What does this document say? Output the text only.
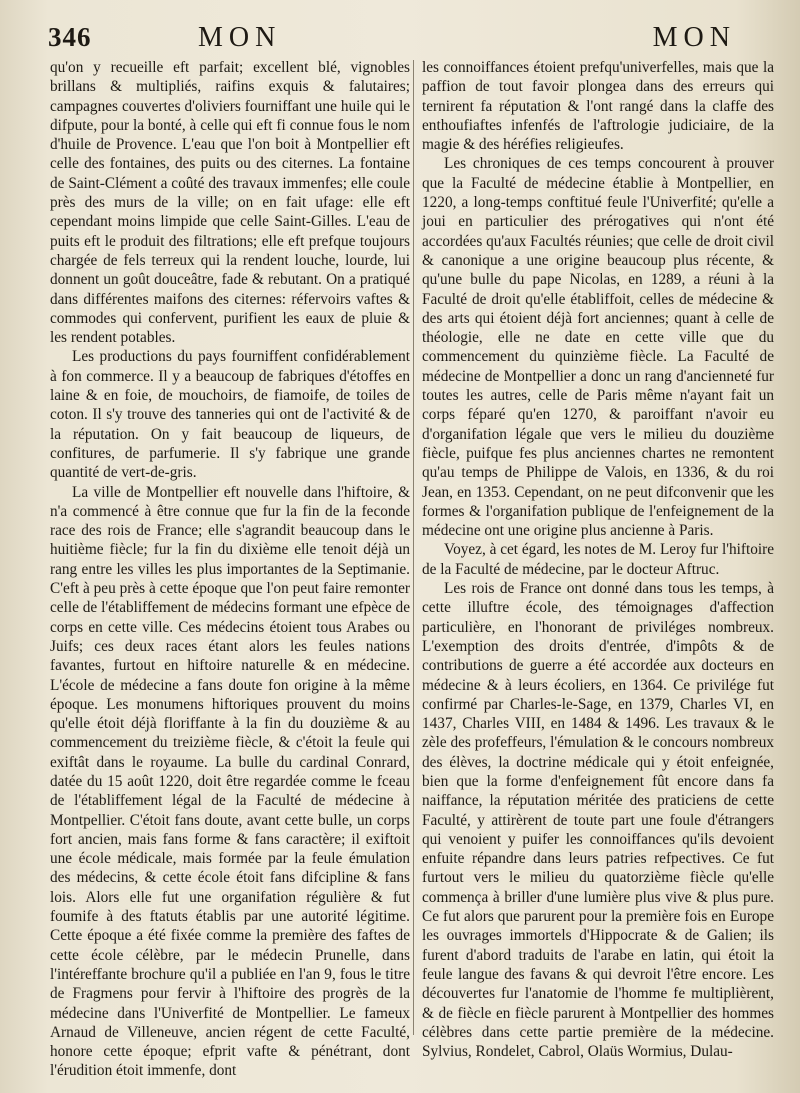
346	MON	MON

qu'on y recueille eft parfait; excellent blé, vignobles brillans & multipliés, raifins exquis & falutaires; campagnes couvertes d'oliviers fourniffant une huile qui le difpute, pour la bonté, à celle qui eft fi connue fous le nom d'huile de Provence. L'eau que l'on boit à Montpellier eft celle des fontaines, des puits ou des citernes. La fontaine de Saint-Clément a coûté des travaux immenfes; elle coule près des murs de la ville; on en fait ufage: elle eft cependant moins limpide que celle Saint-Gilles. L'eau de puits eft le produit des filtrations; elle eft prefque toujours chargée de fels terreux qui la rendent louche, lourde, lui donnent un goût douceâtre, fade & rebutant. On a pratiqué dans différentes maifons des citernes: réfervoirs vaftes & commodes qui confervent, purifient les eaux de pluie & les rendent potables.

Les productions du pays fourniffent confidérablement à fon commerce. Il y a beaucoup de fabriques d'étoffes en laine & en foie, de mouchoirs, de fiamoife, de toiles de coton. Il s'y trouve des tanneries qui ont de l'activité & de la réputation. On y fait beaucoup de liqueurs, de confitures, de parfumerie. Il s'y fabrique une grande quantité de vert-de-gris.

La ville de Montpellier eft nouvelle dans l'hiftoire, & n'a commencé à être connue que fur la fin de la feconde race des rois de France; elle s'agrandit beaucoup dans le huitième fiècle; fur la fin du dixième elle tenoit déjà un rang entre les villes les plus importantes de la Septimanie. C'eft à peu près à cette époque que l'on peut faire remonter celle de l'établiffement de médecins formant une efpèce de corps en cette ville. Ces médecins étoient tous Arabes ou Juifs; ces deux races étant alors les feules nations favantes, furtout en hiftoire naturelle & en médecine. L'école de médecine a fans doute fon origine à la même époque. Les monumens hiftoriques prouvent du moins qu'elle étoit déjà floriffante à la fin du douzième & au commencement du treizième fiècle, & c'étoit la feule qui exiftât dans le royaume. La bulle du cardinal Conrard, datée du 15 août 1220, doit être regardée comme le fceau de l'établiffement légal de la Faculté de médecine à Montpellier. C'étoit fans doute, avant cette bulle, un corps fort ancien, mais fans forme & fans caractère; il exiftoit une école médicale, mais formée par la feule émulation des médecins, & cette école étoit fans difcipline & fans lois. Alors elle fut une organifation régulière & fut foumife à des ftatuts établis par une autorité légitime. Cette époque a été fixée comme la première des faftes de cette école célèbre, par le médecin Prunelle, dans l'intéreffante brochure qu'il a publiée en l'an 9, fous le titre de Fragmens pour fervir à l'hiftoire des progrès de la médecine dans l'Univerfité de Montpellier. Le fameux Arnaud de Villeneuve, ancien régent de cette Faculté, honore cette époque; efprit vafte & pénétrant, dont l'érudition étoit immenfe, dont

les connoiffances étoient prefqu'univerfelles, mais que la paffion de tout favoir plongea dans des erreurs qui ternirent fa réputation & l'ont rangé dans la claffe des enthoufiaftes infenfés de l'aftrologie judiciaire, de la magie & des héréfies religieufes.

Les chroniques de ces temps concourent à prouver que la Faculté de médecine établie à Montpellier, en 1220, a long-temps conftitué feule l'Univerfité; qu'elle a joui en particulier des prérogatives qui n'ont été accordées qu'aux Facultés réunies; que celle de droit civil & canonique a une origine beaucoup plus récente, & qu'une bulle du pape Nicolas, en 1289, a réuni à la Faculté de droit qu'elle établiffoit, celles de médecine & des arts qui étoient déjà fort anciennes; quant à celle de théologie, elle ne date en cette ville que du commencement du quinzième fiècle. La Faculté de médecine de Montpellier a donc un rang d'ancienneté fur toutes les autres, celle de Paris même n'ayant fait un corps féparé qu'en 1270, & paroiffant n'avoir eu d'organifation légale que vers le milieu du douzième fiècle, puifque fes plus anciennes chartes ne remontent qu'au temps de Philippe de Valois, en 1336, & du roi Jean, en 1353. Cependant, on ne peut difconvenir que les formes & l'organifation publique de l'enfeignement de la médecine ont une origine plus ancienne à Paris.

Voyez, à cet égard, les notes de M. Leroy fur l'hiftoire de la Faculté de médecine, par le docteur Aftruc.

Les rois de France ont donné dans tous les temps, à cette illuftre école, des témoignages d'affection particulière, en l'honorant de priviléges nombreux. L'exemption des droits d'entrée, d'impôts & de contributions de guerre a été accordée aux docteurs en médecine & à leurs écoliers, en 1364. Ce privilége fut confirmé par Charles-le-Sage, en 1379, Charles VI, en 1437, Charles VIII, en 1484 & 1496. Les travaux & le zèle des profeffeurs, l'émulation & le concours nombreux des élèves, la doctrine médicale qui y étoit enfeignée, bien que la forme d'enfeignement fût encore dans fa naiffance, la réputation méritée des praticiens de cette Faculté, y attirèrent de toute part une foule d'étrangers qui venoient y puifer les connoiffances qu'ils devoient enfuite répandre dans leurs patries refpectives. Ce fut furtout vers le milieu du quatorzième fiècle qu'elle commença à briller d'une lumière plus vive & plus pure. Ce fut alors que parurent pour la première fois en Europe les ouvrages immortels d'Hippocrate & de Galien; ils furent d'abord traduits de l'arabe en latin, qui étoit la feule langue des favans & qui devroit l'être encore. Les découvertes fur l'anatomie de l'homme fe multiplièrent, & de fiècle en fiècle parurent à Montpellier des hommes célèbres dans cette partie première de la médecine. Sylvius, Rondelet, Cabrol, Olaüs Wormius, Dulau-
